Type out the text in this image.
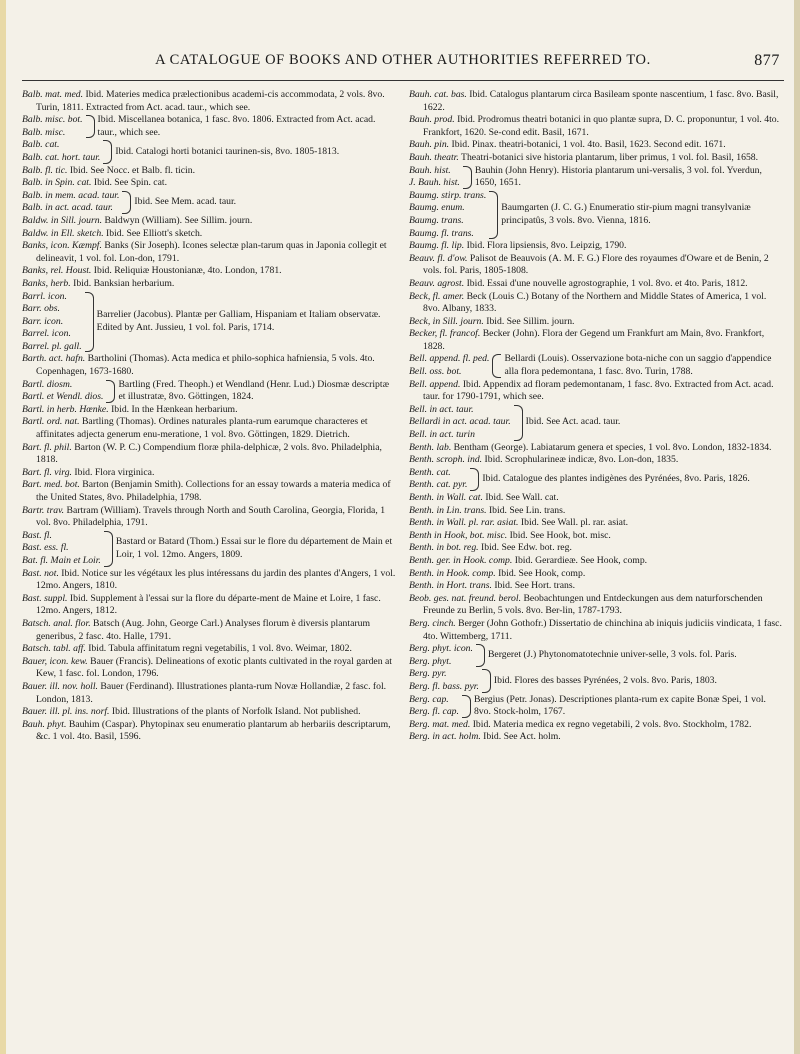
A CATALOGUE OF BOOKS AND OTHER AUTHORITIES REFERRED TO.	877

Balb. mat. med. Ibid. Materies medica prælectionibus academi-cis accommodata, 2 vols. 8vo. Turin, 1811. Extracted from Act. acad. taur., which see.

Balb. misc. bot.
Balb. misc.
Ibid. Miscellanea botanica, 1 fasc. 8vo. 1806. Extracted from Act. acad. taur., which see.
Balb. cat.
Balb. cat. hort. taur.
Ibid. Catalogi horti botanici taurinen-sis, 8vo. 1805-1813.

Balb. fl. tic. Ibid. See Nocc. et Balb. fl. ticin.

Balb. in Spin. cat. Ibid. See Spin. cat.

Balb. in mem. acad. taur.
Balb. in act. acad. taur.
Ibid. See Mem. acad. taur.

Baldw. in Sill. journ. Baldwyn (William). See Sillim. journ.

Baldw. in Ell. sketch. Ibid. See Elliott's sketch.

Banks, icon. Kæmpf. Banks (Sir Joseph). Icones selectæ plan-tarum quas in Japonia collegit et delineavit, 1 vol. fol. Lon-don, 1791.

Banks, rel. Houst. Ibid. Reliquiæ Houstonianæ, 4to. London, 1781.

Banks, herb. Ibid. Banksian herbarium.

Barrl. icon.
Barr. obs.
Barr. icon.
Barrel. icon.
Barrel. pl. gall.
Barrelier (Jacobus). Plantæ per Galliam, Hispaniam et Italiam observatæ. Edited by Ant. Jussieu, 1 vol. fol. Paris, 1714.

Barth. act. hafn. Bartholini (Thomas). Acta medica et philo-sophica hafniensia, 5 vols. 4to. Copenhagen, 1673-1680.

Bartl. diosm.
Bartl. et Wendl. dios.
Bartling (Fred. Theoph.) et Wendland (Henr. Lud.) Diosmæ descriptæ et illustratæ, 8vo. Göttingen, 1824.

Bartl. in herb. Hœnke. Ibid. In the Hænkean herbarium.

Bartl. ord. nat. Bartling (Thomas). Ordines naturales planta-rum earumque characteres et affinitates adjecta generum enu-meratione, 1 vol. 8vo. Göttingen, 1829. Dietrich.

Bart. fl. phil. Barton (W. P. C.) Compendium floræ phila-delphicæ, 2 vols. 8vo. Philadelphia, 1818.

Bart. fl. virg. Ibid. Flora virginica.

Bart. med. bot. Barton (Benjamin Smith). Collections for an essay towards a materia medica of the United States, 8vo. Philadelphia, 1798.

Bartr. trav. Bartram (William). Travels through North and South Carolina, Georgia, Florida, 1 vol. 8vo. Philadelphia, 1791.

Bast. fl.
Bast. ess. fl.
Bat. fl. Main et Loir.
Bastard or Batard (Thom.) Essai sur le flore du département de Main et Loir, 1 vol. 12mo. Angers, 1809.

Bast. not. Ibid. Notice sur les végétaux les plus intéressans du jardin des plantes d'Angers, 1 vol. 12mo. Angers, 1810.

Bast. suppl. Ibid. Supplement à l'essai sur la flore du départe-ment de Maine et Loire, 1 fasc. 12mo. Angers, 1812.

Batsch. anal. flor. Batsch (Aug. John, George Carl.) Analyses florum è diversis plantarum generibus, 2 fasc. 4to. Halle, 1791.

Batsch. tabl. aff. Ibid. Tabula affinitatum regni vegetabilis, 1 vol. 8vo. Weimar, 1802.

Bauer, icon. kew. Bauer (Francis). Delineations of exotic plants cultivated in the royal garden at Kew, 1 fasc. fol. London, 1796.

Bauer. ill. nov. holl. Bauer (Ferdinand). Illustrationes planta-rum Novæ Hollandiæ, 2 fasc. fol. London, 1813.

Bauer. ill. pl. ins. norf. Ibid. Illustrations of the plants of Norfolk Island. Not published.

Bauh. phyt. Bauhim (Caspar). Phytopinax seu enumeratio plantarum ab herbariis descriptarum, &c. 1 vol. 4to. Basil, 1596.

Bauh. cat. bas. Ibid. Catalogus plantarum circa Basileam sponte nascentium, 1 fasc. 8vo. Basil, 1622.

Bauh. prod. Ibid. Prodromus theatri botanici in quo plantæ supra, D. C. proponuntur, 1 vol. 4to. Frankfort, 1620. Se-cond edit. Basil, 1671.

Bauh. pin. Ibid. Pinax. theatri-botanici, 1 vol. 4to. Basil, 1623. Second edit. 1671.

Bauh. theatr. Theatri-botanici sive historia plantarum, liber primus, 1 vol. fol. Basil, 1658.

Bauh. hist.
J. Bauh. hist.
Bauhin (John Henry). Historia plantarum uni-versalis, 3 vol. fol. Yverdun, 1650, 1651.
Baumg. stirp. trans.
Baumg. enum.
Baumg. trans.
Baumg. fl. trans.
Baumgarten (J. C. G.) Enumeratio stir-pium magni transylvaniæ principatûs, 3 vols. 8vo. Vienna, 1816.

Baumg. fl. lip. Ibid. Flora lipsiensis, 8vo. Leipzig, 1790.

Beauv. fl. d'ow. Palisot de Beauvois (A. M. F. G.) Flore des royaumes d'Oware et de Benin, 2 vols. fol. Paris, 1805-1808.

Beauv. agrost. Ibid. Essai d'une nouvelle agrostographie, 1 vol. 8vo. et 4to. Paris, 1812.

Beck, fl. amer. Beck (Louis C.) Botany of the Northern and Middle States of America, 1 vol. 8vo. Albany, 1833.

Beck, in Sill. journ. Ibid. See Sillim. journ.

Becker, fl. francof. Becker (John). Flora der Gegend um Frankfurt am Main, 8vo. Frankfort, 1828.

Bell. append. fl. ped.
Bell. oss. bot.
Bellardi (Louis). Osservazione bota-niche con un saggio d'appendice alla flora pedemontana, 1 fasc. 8vo. Turin, 1788.

Bell. append. Ibid. Appendix ad floram pedemontanam, 1 fasc. 8vo. Extracted from Act. acad. taur. for 1790-1791, which see.

Bell. in act. taur.
Bellardi in act. acad. taur.
Bell. in act. turin
Ibid. See Act. acad. taur.

Benth. lab. Bentham (George). Labiatarum genera et species, 1 vol. 8vo. London, 1832-1834.

Benth. scroph. ind. Ibid. Scrophularineæ indicæ, 8vo. Lon-don, 1835.

Benth. cat.
Benth. cat. pyr.
Ibid. Catalogue des plantes indigènes des Pyrénées, 8vo. Paris, 1826.

Benth. in Wall. cat. Ibid. See Wall. cat.

Benth. in Lin. trans. Ibid. See Lin. trans.

Benth. in Wall. pl. rar. asiat. Ibid. See Wall. pl. rar. asiat.

Benth in Hook, bot. misc. Ibid. See Hook, bot. misc.

Benth. in bot. reg. Ibid. See Edw. bot. reg.

Benth. ger. in Hook. comp. Ibid. Gerardieæ. See Hook, comp.

Benth. in Hook. comp. Ibid. See Hook, comp.

Benth. in Hort. trans. Ibid. See Hort. trans.

Beob. ges. nat. freund. berol. Beobachtungen und Entdeckungen aus dem naturforschenden Freunde zu Berlin, 5 vols. 8vo. Ber-lin, 1787-1793.

Berg. cinch. Berger (John Gothofr.) Dissertatio de chinchina ab iniquis judiciis vindicata, 1 fasc. 4to. Wittemberg, 1711.

Berg. phyt. icon.
Berg. phyt.
Bergeret (J.) Phytonomatotechnie univer-selle, 3 vols. fol. Paris.
Berg. pyr.
Berg. fl. bass. pyr.
Ibid. Flores des basses Pyrénées, 2 vols. 8vo. Paris, 1803.
Berg. cap.
Berg. fl. cap.
Bergius (Petr. Jonas). Descriptiones planta-rum ex capite Bonæ Spei, 1 vol. 8vo. Stock-holm, 1767.

Berg. mat. med. Ibid. Materia medica ex regno vegetabili, 2 vols. 8vo. Stockholm, 1782.

Berg. in act. holm. Ibid. See Act. holm.
